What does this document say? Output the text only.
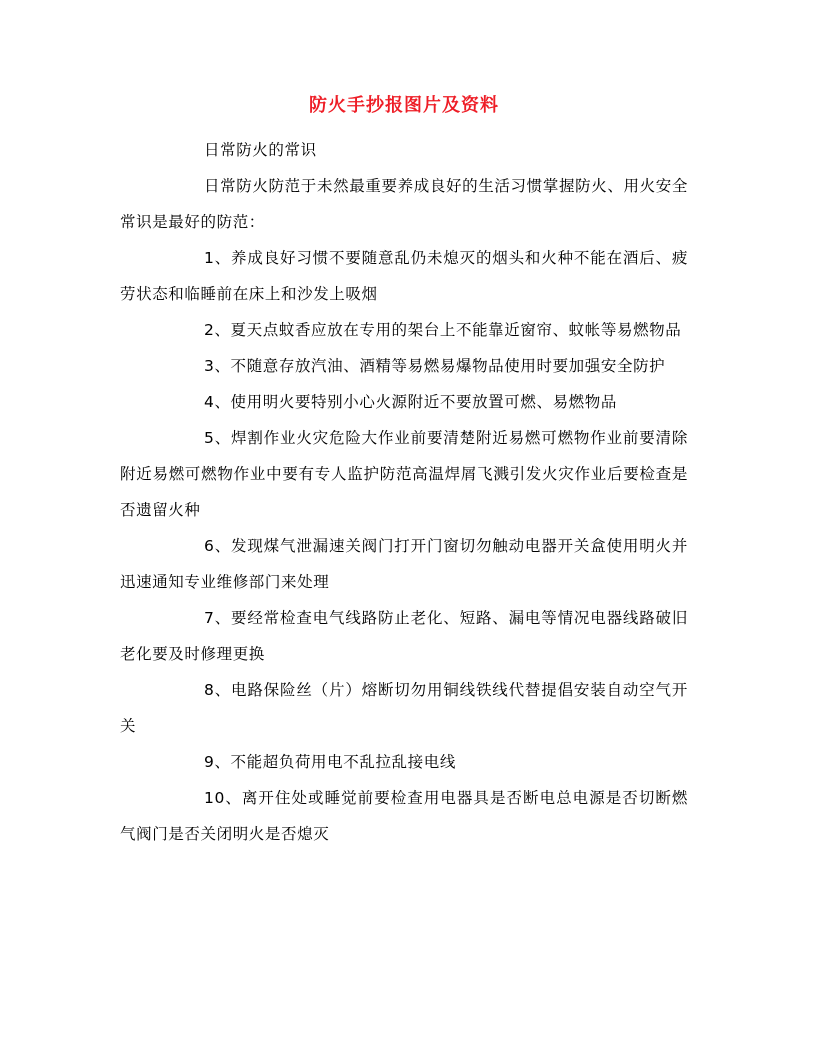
防火手抄报图片及资料

日常防火的常识

日常防火防范于未然最重要养成良好的生活习惯掌握防火、用火安全常识是最好的防范：

1、养成良好习惯不要随意乱仍未熄灭的烟头和火种不能在酒后、疲劳状态和临睡前在床上和沙发上吸烟

2、夏天点蚊香应放在专用的架台上不能靠近窗帘、蚊帐等易燃物品

3、不随意存放汽油、酒精等易燃易爆物品使用时要加强安全防护

4、使用明火要特别小心火源附近不要放置可燃、易燃物品

5、焊割作业火灾危险大作业前要清楚附近易燃可燃物作业前要清除附近易燃可燃物作业中要有专人监护防范高温焊屑飞溅引发火灾作业后要检查是否遗留火种

6、发现煤气泄漏速关阀门打开门窗切勿触动电器开关盒使用明火并迅速通知专业维修部门来处理

7、要经常检查电气线路防止老化、短路、漏电等情况电器线路破旧老化要及时修理更换

8、电路保险丝（片）熔断切勿用铜线铁线代替提倡安装自动空气开关

9、不能超负荷用电不乱拉乱接电线

10、离开住处或睡觉前要检查用电器具是否断电总电源是否切断燃气阀门是否关闭明火是否熄灭
